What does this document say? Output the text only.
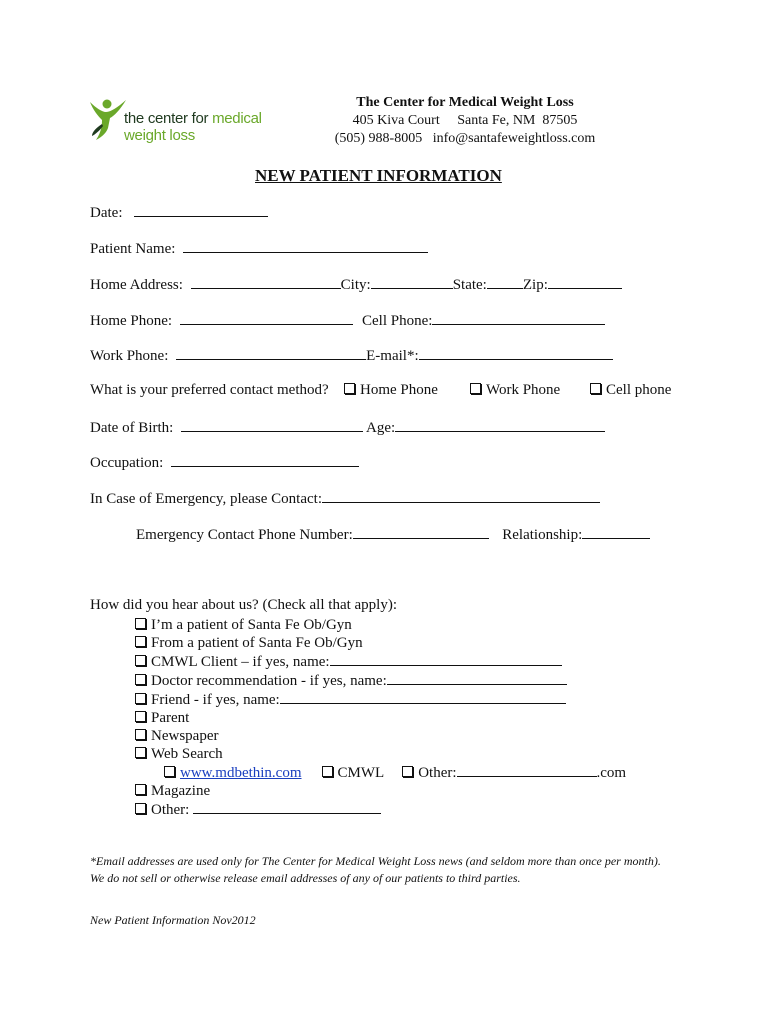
the center for medical weight loss
The Center for Medical Weight Loss
405 Kiva Court     Santa Fe, NM  87505
(505) 988-8005   info@santafeweightloss.com
NEW PATIENT INFORMATION
Date:
Patient Name:
Home Address:	City:	State: Zip:
Home Phone:	Cell Phone:
Work Phone:	E-mail*:
What is your preferred contact method?	Home Phone	Work Phone	Cell phone
Date of Birth:	Age:
Occupation:
In Case of Emergency, please Contact:
Emergency Contact Phone Number:	Relationship:
How did you hear about us? (Check all that apply):
I’m a patient of Santa Fe Ob/Gyn
From a patient of Santa Fe Ob/Gyn
CMWL Client – if yes, name:
Doctor recommendation - if yes, name:
Friend - if yes, name:
Parent
Newspaper
Web Search
www.mdbethin.com CMWL Other:	.com
Magazine
Other:
*Email addresses are used only for The Center for Medical Weight Loss news (and seldom more than once per month).      We do not sell or otherwise release email addresses of any of our patients to third parties.
New Patient Information Nov2012
